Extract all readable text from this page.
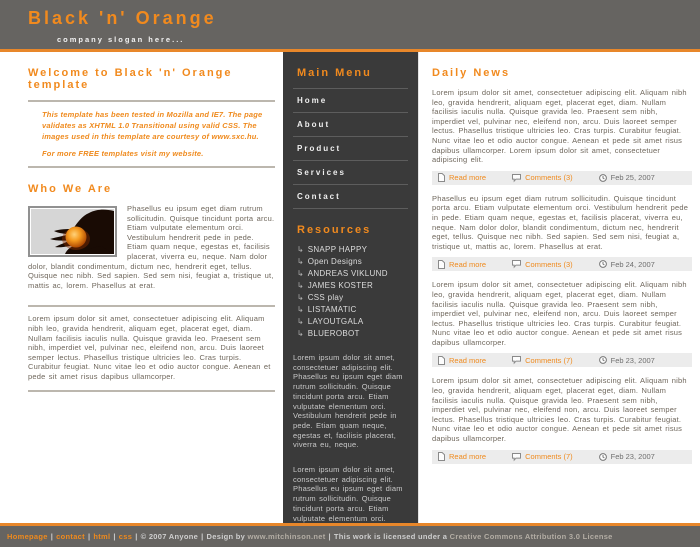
Black 'n' Orange
company slogan here...
Welcome to Black 'n' Orange template

This template has been tested in Mozilla and IE7. The page validates as XHTML 1.0 Transitional using valid CSS. The images used in this template are courtesy of www.sxc.hu.

For more FREE templates visit my website.

Who We Are

Phasellus eu ipsum eget diam rutrum sollicitudin. Quisque tincidunt porta arcu. Etiam vulputate elementum orci. Vestibulum hendrerit pede in pede. Etiam quam neque, egestas et, facilisis placerat, viverra eu, neque. Nam dolor dolor, blandit condimentum, dictum nec, hendrerit eget, tellus. Quisque nec nibh. Sed sapien. Sed sem nisi, feugiat a, tristique ut, mattis ac, lorem. Phasellus at erat.

Lorem ipsum dolor sit amet, consectetuer adipiscing elit. Aliquam nibh leo, gravida hendrerit, aliquam eget, placerat eget, diam. Nullam facilisis iaculis nulla. Quisque gravida leo. Praesent sem nibh, imperdiet vel, pulvinar nec, eleifend non, arcu. Duis laoreet semper lectus. Phasellus tristique ultricies leo. Cras turpis. Curabitur feugiat. Nunc vitae leo et odio auctor congue. Aenean et pede sit amet risus dapibus ullamcorper.

Main Menu
Home
About
Product
Services
Contact
Resources
↳ SNAPP HAPPY
↳ Open Designs
↳ ANDREAS VIKLUND
↳ JAMES KOSTER
↳ CSS play
↳ LISTAMATIC
↳ LAYOUTGALA
↳ BLUEROBOT

Lorem ipsum dolor sit amet, consectetuer adipiscing elit. Phasellus eu ipsum eget diam rutrum sollicitudin. Quisque tincidunt porta arcu. Etiam vulputate elementum orci. Vestibulum hendrerit pede in pede. Etiam quam neque, egestas et, facilisis placerat, viverra eu, neque.

Lorem ipsum dolor sit amet, consectetuer adipiscing elit. Phasellus eu ipsum eget diam rutrum sollicitudin. Quisque tincidunt porta arcu. Etiam vulputate elementum orci.

Daily News

Lorem ipsum dolor sit amet, consectetuer adipiscing elit. Aliquam nibh leo, gravida hendrerit, aliquam eget, placerat eget, diam. Nullam facilisis iaculis nulla. Quisque gravida leo. Praesent sem nibh, imperdiet vel, pulvinar nec, eleifend non, arcu. Duis laoreet semper lectus. Phasellus tristique ultricies leo. Cras turpis. Curabitur feugiat. Nunc vitae leo et odio auctor congue. Aenean et pede sit amet risus dapibus ullamcorper. Lorem ipsum dolor sit amet, consectetuer adipiscing elit.

Read more	Comments (3)	Feb 25, 2007

Phasellus eu ipsum eget diam rutrum sollicitudin. Quisque tincidunt porta arcu. Etiam vulputate elementum orci. Vestibulum hendrerit pede in pede. Etiam quam neque, egestas et, facilisis placerat, viverra eu, neque. Nam dolor dolor, blandit condimentum, dictum nec, hendrerit eget, tellus. Quisque nec nibh. Sed sapien. Sed sem nisi, feugiat a, tristique ut, mattis ac, lorem. Phasellus at erat.

Read more	Comments (3)	Feb 24, 2007

Lorem ipsum dolor sit amet, consectetuer adipiscing elit. Aliquam nibh leo, gravida hendrerit, aliquam eget, placerat eget, diam. Nullam facilisis iaculis nulla. Quisque gravida leo. Praesent sem nibh, imperdiet vel, pulvinar nec, eleifend non, arcu. Duis laoreet semper lectus. Phasellus tristique ultricies leo. Cras turpis. Curabitur feugiat. Nunc vitae leo et odio auctor congue. Aenean et pede sit amet risus dapibus ullamcorper.

Read more	Comments (7)	Feb 23, 2007

Lorem ipsum dolor sit amet, consectetuer adipiscing elit. Aliquam nibh leo, gravida hendrerit, aliquam eget, placerat eget, diam. Nullam facilisis iaculis nulla. Quisque gravida leo. Praesent sem nibh, imperdiet vel, pulvinar nec, eleifend non, arcu. Duis laoreet semper lectus. Phasellus tristique ultricies leo. Cras turpis. Curabitur feugiat. Nunc vitae leo et odio auctor congue. Aenean et pede sit amet risus dapibus ullamcorper.

Read more	Comments (7)	Feb 23, 2007
Homepage | contact | html | css | © 2007 Anyone | Design by www.mitchinson.net | This work is licensed under a Creative Commons Attribution 3.0 License
